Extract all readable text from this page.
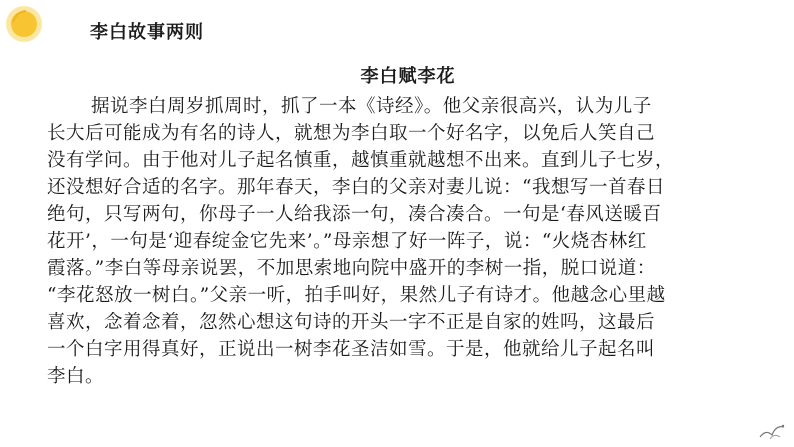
李白故事两则
李白赋李花
据说李白周岁抓周时，抓了一本《诗经》。他父亲很高兴，认为儿子
长大后可能成为有名的诗人，就想为李白取一个好名字，以免后人笑自己
没有学问。由于他对儿子起名慎重，越慎重就越想不出来。直到儿子七岁，
还没想好合适的名字。那年春天，李白的父亲对妻儿说：“我想写一首春日
绝句，只写两句，你母子一人给我添一句，凑合凑合。一句是‘春风送暖百
花开’，一句是‘迎春绽金它先来’。”母亲想了好一阵子，说：“火烧杏林红
霞落。”李白等母亲说罢，不加思索地向院中盛开的李树一指，脱口说道：
“李花怒放一树白。”父亲一听，拍手叫好，果然儿子有诗才。他越念心里越
喜欢，念着念着，忽然心想这句诗的开头一字不正是自家的姓吗，这最后
一个白字用得真好，正说出一树李花圣洁如雪。于是，他就给儿子起名叫
李白。
